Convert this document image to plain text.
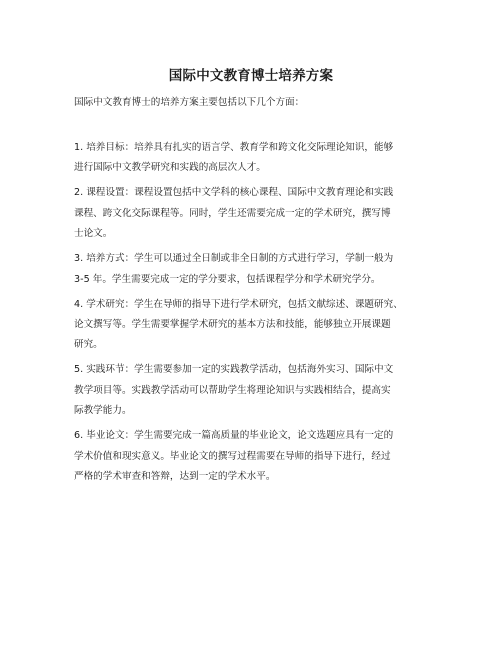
国际中文教育博士培养方案

国际中文教育博士的培养方案主要包括以下几个方面：

1. 培养目标：培养具有扎实的语言学、教育学和跨文化交际理论知识，能够
进行国际中文教学研究和实践的高层次人才。
2. 课程设置：课程设置包括中文学科的核心课程、国际中文教育理论和实践
课程、跨文化交际课程等。同时，学生还需要完成一定的学术研究，撰写博
士论文。
3. 培养方式：学生可以通过全日制或非全日制的方式进行学习，学制一般为
3-5 年。学生需要完成一定的学分要求，包括课程学分和学术研究学分。
4. 学术研究：学生在导师的指导下进行学术研究，包括文献综述、课题研究、
论文撰写等。学生需要掌握学术研究的基本方法和技能，能够独立开展课题
研究。
5. 实践环节：学生需要参加一定的实践教学活动，包括海外实习、国际中文
教学项目等。实践教学活动可以帮助学生将理论知识与实践相结合，提高实
际教学能力。
6. 毕业论文：学生需要完成一篇高质量的毕业论文，论文选题应具有一定的
学术价值和现实意义。毕业论文的撰写过程需要在导师的指导下进行，经过
严格的学术审查和答辩，达到一定的学术水平。
